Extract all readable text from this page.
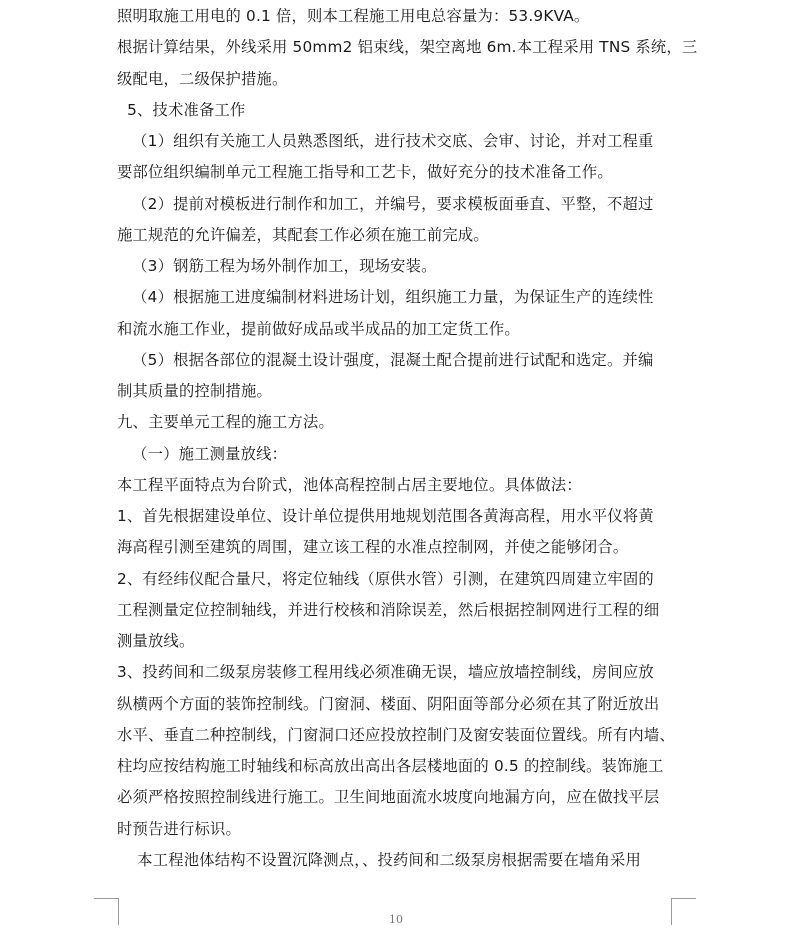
照明取施工用电的 0.1 倍，则本工程施工用电总容量为：53.9KVA。
根据计算结果，外线采用 50mm2 铝束线，架空离地 6m.本工程采用 TNS 系统，三
级配电，二级保护措施。
5、技术准备工作
（1）组织有关施工人员熟悉图纸，进行技术交底、会审、讨论，并对工程重
要部位组织编制单元工程施工指导和工艺卡，做好充分的技术准备工作。
（2）提前对模板进行制作和加工，并编号，要求模板面垂直、平整，不超过
施工规范的允许偏差，其配套工作必须在施工前完成。
（3）钢筋工程为场外制作加工，现场安装。
（4）根据施工进度编制材料进场计划，组织施工力量，为保证生产的连续性
和流水施工作业，提前做好成品或半成品的加工定货工作。
（5）根据各部位的混凝土设计强度，混凝土配合提前进行试配和选定。并编
制其质量的控制措施。
九、主要单元工程的施工方法。
（一）施工测量放线：
本工程平面特点为台阶式，池体高程控制占居主要地位。具体做法：
1、首先根据建设单位、设计单位提供用地规划范围各黄海高程，用水平仪将黄
海高程引测至建筑的周围，建立该工程的水准点控制网，并使之能够闭合。
2、有经纬仪配合量尺，将定位轴线（原供水管）引测，在建筑四周建立牢固的
工程测量定位控制轴线，并进行校核和消除误差，然后根据控制网进行工程的细
测量放线。
3、投药间和二级泵房装修工程用线必须准确无误，墙应放墙控制线，房间应放
纵横两个方面的装饰控制线。门窗洞、楼面、阴阳面等部分必须在其了附近放出
水平、垂直二种控制线，门窗洞口还应投放控制门及窗安装面位置线。所有内墙、
柱均应按结构施工时轴线和标高放出高出各层楼地面的 0.5 的控制线。装饰施工
必须严格按照控制线进行施工。卫生间地面流水坡度向地漏方向，应在做找平层
时预告进行标识。
本工程池体结构不设置沉降测点，、投药间和二级泵房根据需要在墙角采用
10
